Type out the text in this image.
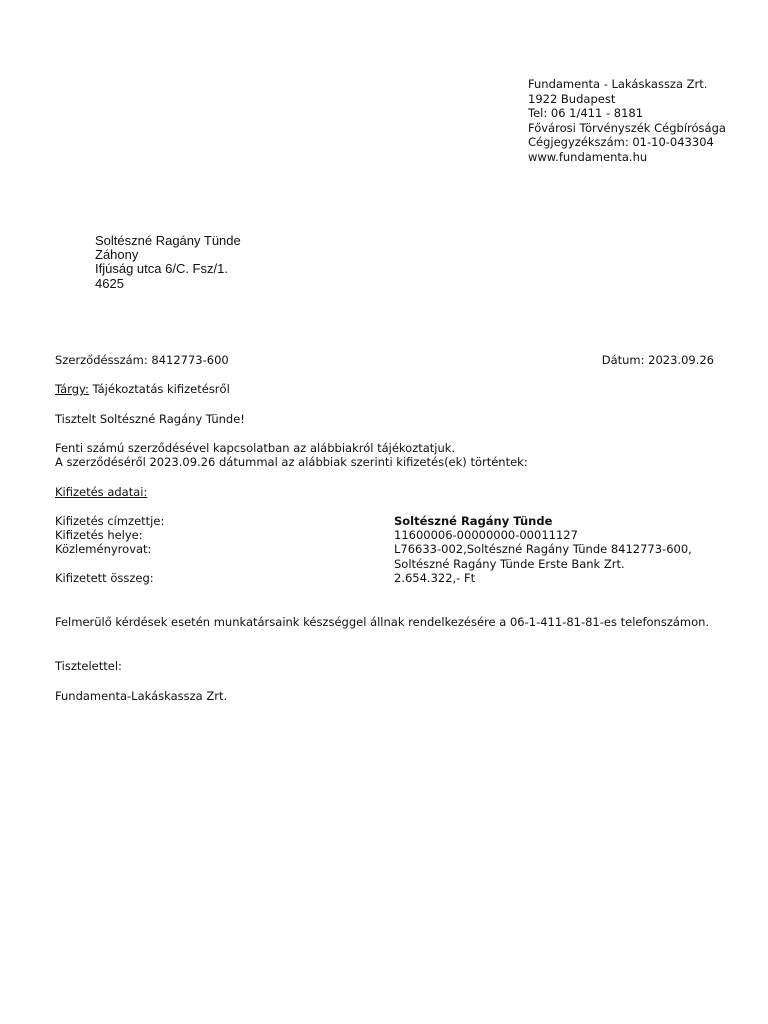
Fundamenta - Lakáskassza Zrt.
1922 Budapest
Tel: 06 1/411 - 8181
Fővárosi Törvényszék Cégbírósága
Cégjegyzékszám: 01-10-043304
www.fundamenta.hu
Soltészné Ragány Tünde
Záhony
Ifjúság utca 6/C. Fsz/1.
4625
Szerződésszám: 8412773-600	Dátum: 2023.09.26
Tárgy: Tájékoztatás kifizetésről
Tisztelt Soltészné Ragány Tünde!
Fenti számú szerződésével kapcsolatban az alábbiakról tájékoztatjuk.
A szerződéséről 2023.09.26 dátummal az alábbiak szerinti kifizetés(ek) történtek:
Kifizetés adatai:
Kifizetés címzettje:	Soltészné Ragány Tünde
Kifizetés helye:	11600006-00000000-00011127
Közleményrovat:	L76633-002,Soltészné Ragány Tünde 8412773-600,
Soltészné Ragány Tünde Erste Bank Zrt.
Kifizetett összeg:	2.654.322,- Ft
Felmerülő kérdések esetén munkatársaink készséggel állnak rendelkezésére a 06-1-411-81-81-es telefonszámon.
Tisztelettel:
Fundamenta-Lakáskassza Zrt.
